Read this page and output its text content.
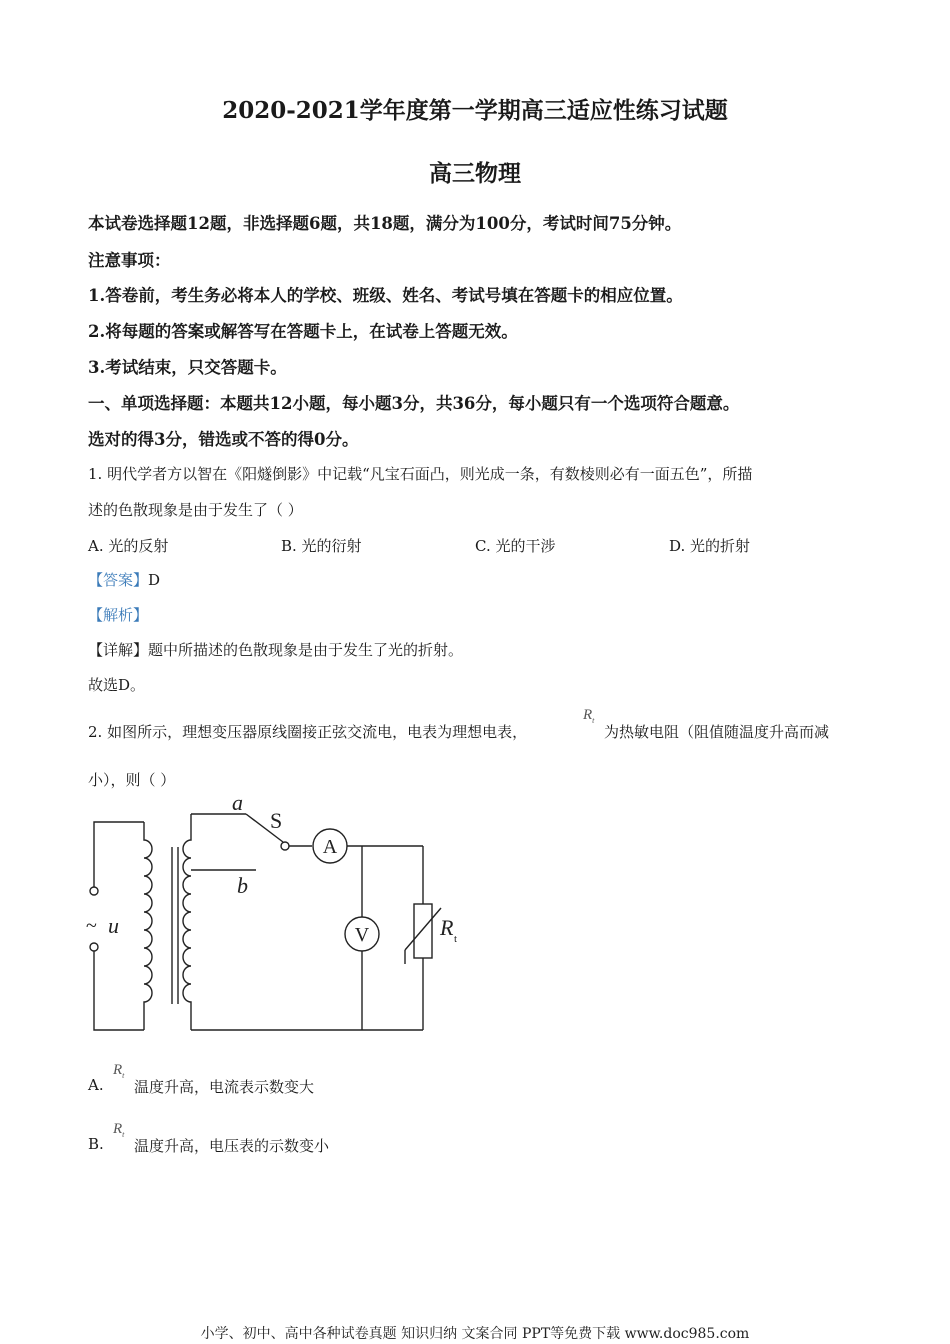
2020-2021学年度第一学期高三适应性练习试题
高三物理
本试卷选择题12题，非选择题6题，共18题，满分为100分，考试时间75分钟。
注意事项：
1.答卷前，考生务必将本人的学校、班级、姓名、考试号填在答题卡的相应位置。
2.将每题的答案或解答写在答题卡上，在试卷上答题无效。
3.考试结束，只交答题卡。
一、单项选择题：本题共12小题，每小题3分，共36分，每小题只有一个选项符合题意。
选对的得3分，错选或不答的得0分。
1. 明代学者方以智在《阳燧倒影》中记载“凡宝石面凸，则光成一条，有数棱则必有一面五色”，所描
述的色散现象是由于发生了（ ）
A. 光的反射	B. 光的衍射	C. 光的干涉	D. 光的折射
【答案】D
【解析】
【详解】题中所描述的色散现象是由于发生了光的折射。
故选D。
2. 如图所示，理想变压器原线圈接正弦交流电，电表为理想电表，
$R_t$
为热敏电阻（阻值随温度升高而减
小），则（ ）
a
S
b
A
V
~ u	R t
A.
$R_t$
温度升高，电流表示数变大
B.
$R_t$
温度升高，电压表的示数变小
小学、初中、高中各种试卷真题 知识归纳 文案合同 PPT等免费下载 www.doc985.com
